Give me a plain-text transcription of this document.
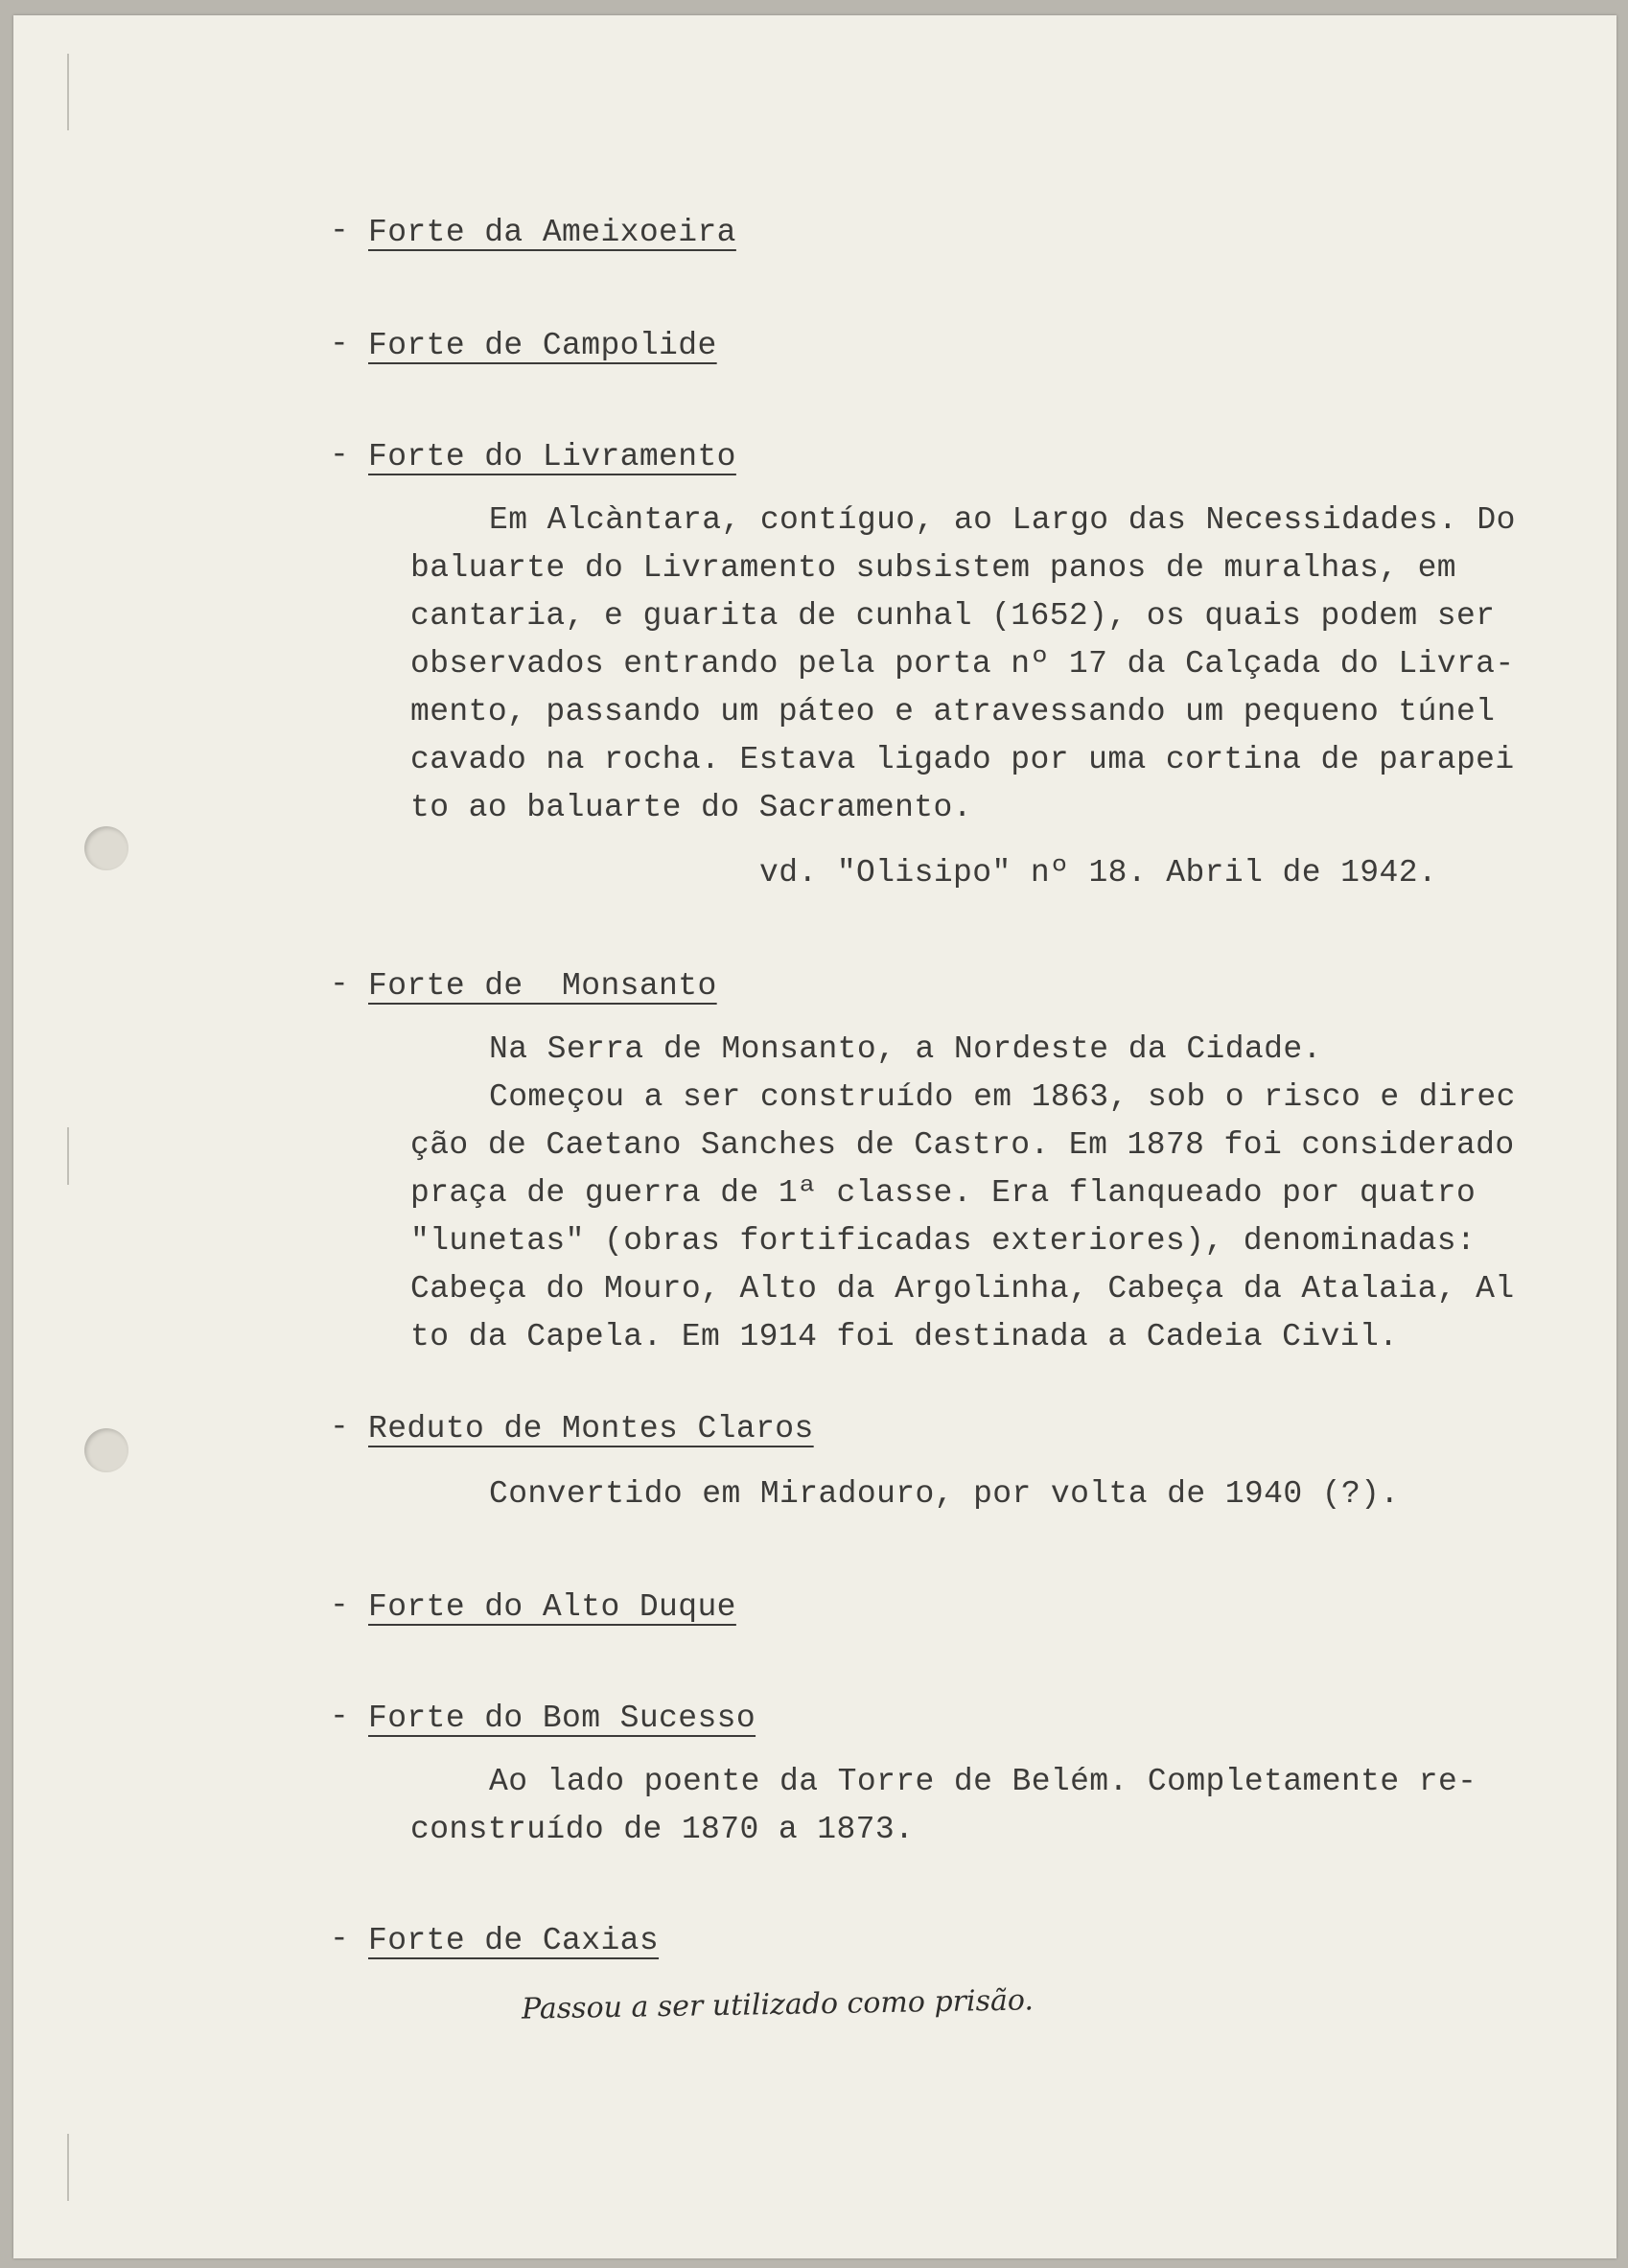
- Forte da Ameixoeira
- Forte de Campolide
- Forte do Livramento
Em Alcàntara, contíguo, ao Largo das Necessidades. Do
baluarte do Livramento subsistem panos de muralhas, em
cantaria, e guarita de cunhal (1652), os quais podem ser
observados entrando pela porta nº 17 da Calçada do Livra-
mento, passando um páteo e atravessando um pequeno túnel
cavado na rocha. Estava ligado por uma cortina de parapei
to ao baluarte do Sacramento.
vd. "Olisipo" nº 18. Abril de 1942.
- Forte de  Monsanto
Na Serra de Monsanto, a Nordeste da Cidade.
Começou a ser construído em 1863, sob o risco e direc
ção de Caetano Sanches de Castro. Em 1878 foi considerado
praça de guerra de 1ª classe. Era flanqueado por quatro
"lunetas" (obras fortificadas exteriores), denominadas:
Cabeça do Mouro, Alto da Argolinha, Cabeça da Atalaia, Al
to da Capela. Em 1914 foi destinada a Cadeia Civil.
- Reduto de Montes Claros
Convertido em Miradouro, por volta de 1940 (?).
- Forte do Alto Duque
- Forte do Bom Sucesso
Ao lado poente da Torre de Belém. Completamente re-
construído de 1870 a 1873.
- Forte de Caxias
Passou a ser utilizado como prisão.
